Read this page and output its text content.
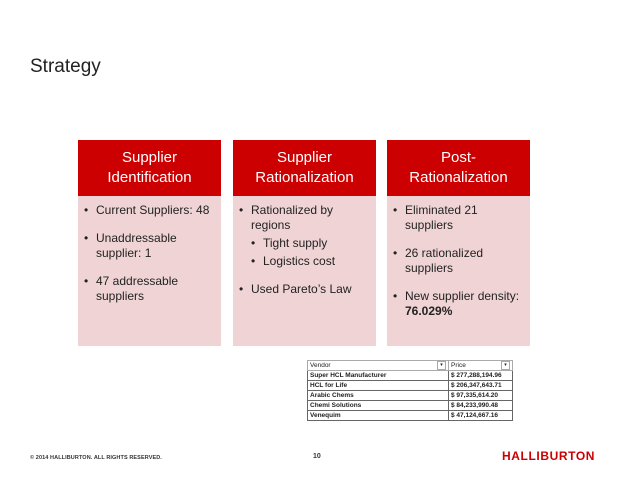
Strategy
Supplier
Identification
• Current Suppliers: 48
• Unaddressable supplier: 1
• 47 addressable suppliers
Supplier
Rationalization
• Rationalized by regions
• Tight supply
• Logistics cost
• Used Pareto’s Law
Post-
Rationalization
• Eliminated 21 suppliers
• 26 rationalized suppliers
• New supplier density: 76.029%
Vendor ▾	Price ▾

Super HCL Manufacturer	$ 277,288,194.96
HCL for Life	$ 206,347,643.71
Arabic Chems	$ 97,335,614.20
Chemi Solutions	$ 84,233,990.48
Venequim	$ 47,124,667.16
© 2014 HALLIBURTON. ALL RIGHTS RESERVED.	10	HALLIBURTON
